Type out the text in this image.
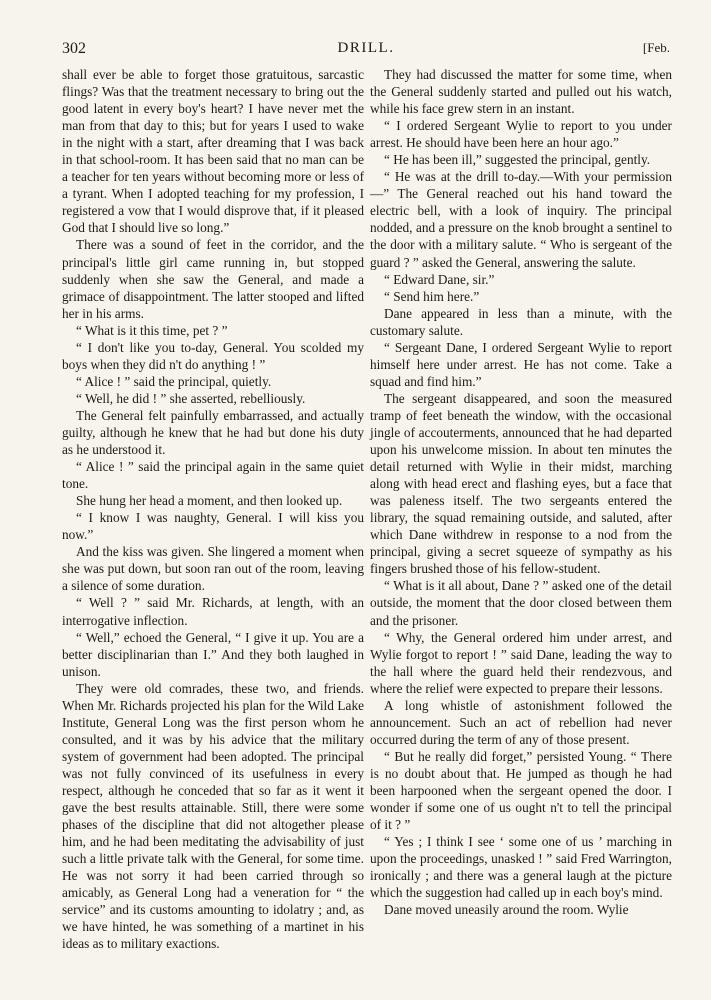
302	DRILL.	[Feb.

shall ever be able to forget those gratuitous, sarcastic flings? Was that the treatment necessary to bring out the good latent in every boy's heart? I have never met the man from that day to this; but for years I used to wake in the night with a start, after dreaming that I was back in that school-room. It has been said that no man can be a teacher for ten years without becoming more or less of a tyrant. When I adopted teaching for my profession, I registered a vow that I would disprove that, if it pleased God that I should live so long.”

There was a sound of feet in the corridor, and the principal's little girl came running in, but stopped suddenly when she saw the General, and made a grimace of disappointment. The latter stooped and lifted her in his arms.

“ What is it this time, pet ? ”

“ I don't like you to-day, General. You scolded my boys when they did n't do anything ! ”

“ Alice ! ” said the principal, quietly.

“ Well, he did ! ” she asserted, rebelliously.

The General felt painfully embarrassed, and actually guilty, although he knew that he had but done his duty as he understood it.

“ Alice ! ” said the principal again in the same quiet tone.

She hung her head a moment, and then looked up.

“ I know I was naughty, General. I will kiss you now.”

And the kiss was given. She lingered a moment when she was put down, but soon ran out of the room, leaving a silence of some duration.

“ Well ? ” said Mr. Richards, at length, with an interrogative inflection.

“ Well,” echoed the General, “ I give it up. You are a better disciplinarian than I.” And they both laughed in unison.

They were old comrades, these two, and friends. When Mr. Richards projected his plan for the Wild Lake Institute, General Long was the first person whom he consulted, and it was by his advice that the military system of government had been adopted. The principal was not fully convinced of its usefulness in every respect, although he conceded that so far as it went it gave the best results attainable. Still, there were some phases of the discipline that did not altogether please him, and he had been meditating the advisability of just such a little private talk with the General, for some time. He was not sorry it had been carried through so amicably, as General Long had a veneration for “ the service” and its customs amounting to idolatry ; and, as we have hinted, he was something of a martinet in his ideas as to military exactions.

They had discussed the matter for some time, when the General suddenly started and pulled out his watch, while his face grew stern in an instant.

“ I ordered Sergeant Wylie to report to you under arrest. He should have been here an hour ago.”

“ He has been ill,” suggested the principal, gently.

“ He was at the drill to-day.—With your permission —” The General reached out his hand toward the electric bell, with a look of inquiry. The principal nodded, and a pressure on the knob brought a sentinel to the door with a military salute. “ Who is sergeant of the guard ? ” asked the General, answering the salute.

“ Edward Dane, sir.”

“ Send him here.”

Dane appeared in less than a minute, with the customary salute.

“ Sergeant Dane, I ordered Sergeant Wylie to report himself here under arrest. He has not come. Take a squad and find him.”

The sergeant disappeared, and soon the measured tramp of feet beneath the window, with the occasional jingle of accouterments, announced that he had departed upon his unwelcome mission. In about ten minutes the detail returned with Wylie in their midst, marching along with head erect and flashing eyes, but a face that was paleness itself. The two sergeants entered the library, the squad remaining outside, and saluted, after which Dane withdrew in response to a nod from the principal, giving a secret squeeze of sympathy as his fingers brushed those of his fellow-student.

“ What is it all about, Dane ? ” asked one of the detail outside, the moment that the door closed between them and the prisoner.

“ Why, the General ordered him under arrest, and Wylie forgot to report ! ” said Dane, leading the way to the hall where the guard held their rendezvous, and where the relief were expected to prepare their lessons.

A long whistle of astonishment followed the announcement. Such an act of rebellion had never occurred during the term of any of those present.

“ But he really did forget,” persisted Young. “ There is no doubt about that. He jumped as though he had been harpooned when the sergeant opened the door. I wonder if some one of us ought n't to tell the principal of it ? ”

“ Yes ; I think I see ‘ some one of us ’ marching in upon the proceedings, unasked ! ” said Fred Warrington, ironically ; and there was a general laugh at the picture which the suggestion had called up in each boy's mind.

Dane moved uneasily around the room. Wylie
